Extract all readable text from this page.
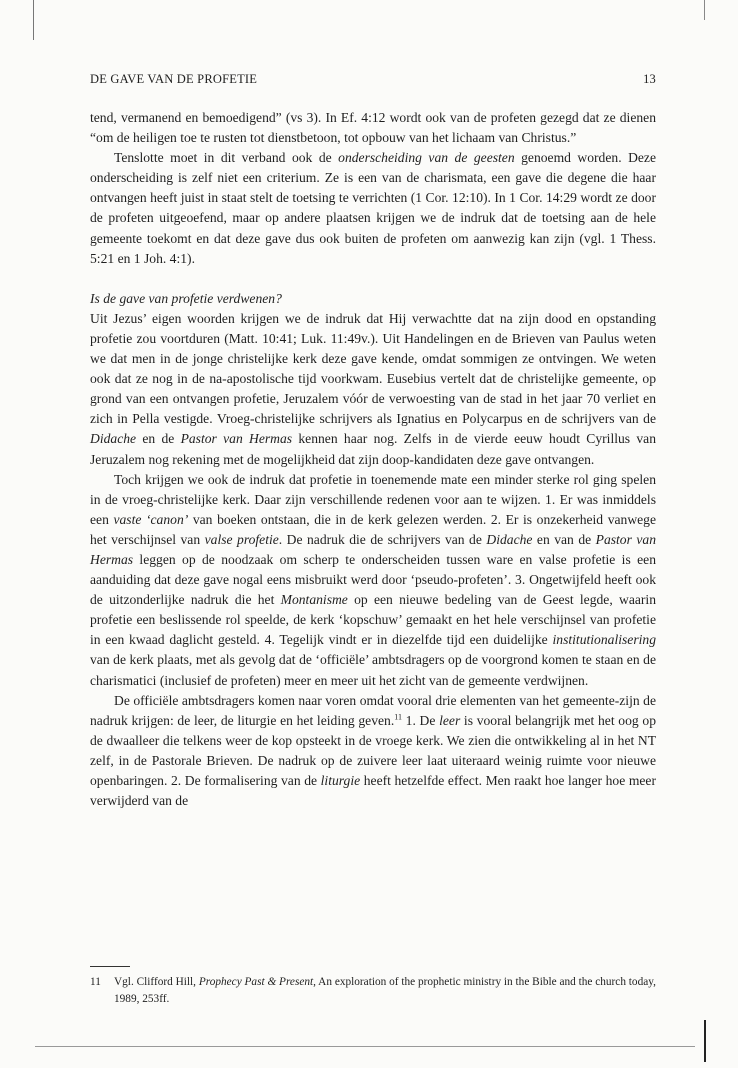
DE GAVE VAN DE PROFETIE	13

tend, vermanend en bemoedigend” (vs 3). In Ef. 4:12 wordt ook van de profeten gezegd dat ze dienen “om de heiligen toe te rusten tot dienstbetoon, tot opbouw van het lichaam van Christus.”

Tenslotte moet in dit verband ook de onderscheiding van de geesten genoemd worden. Deze onderscheiding is zelf niet een criterium. Ze is een van de charismata, een gave die degene die haar ontvangen heeft juist in staat stelt de toetsing te verrichten (1 Cor. 12:10). In 1 Cor. 14:29 wordt ze door de profeten uitgeoefend, maar op andere plaatsen krijgen we de indruk dat de toetsing aan de hele gemeente toekomt en dat deze gave dus ook buiten de profeten om aanwezig kan zijn (vgl. 1 Thess. 5:21 en 1 Joh. 4:1).

Is de gave van profetie verdwenen?

Uit Jezus’ eigen woorden krijgen we de indruk dat Hij verwachtte dat na zijn dood en opstanding profetie zou voortduren (Matt. 10:41; Luk. 11:49v.). Uit Handelingen en de Brieven van Paulus weten we dat men in de jonge christelijke kerk deze gave kende, omdat sommigen ze ontvingen. We weten ook dat ze nog in de na-apostolische tijd voorkwam. Eusebius vertelt dat de christelijke gemeente, op grond van een ontvangen profetie, Jeruzalem vóór de verwoesting van de stad in het jaar 70 verliet en zich in Pella vestigde. Vroeg-christelijke schrijvers als Ignatius en Polycarpus en de schrijvers van de Didache en de Pastor van Hermas kennen haar nog. Zelfs in de vierde eeuw houdt Cyrillus van Jeruzalem nog rekening met de mogelijkheid dat zijn doop-kandidaten deze gave ontvangen.

Toch krijgen we ook de indruk dat profetie in toenemende mate een minder sterke rol ging spelen in de vroeg-christelijke kerk. Daar zijn verschillende redenen voor aan te wijzen. 1. Er was inmiddels een vaste ‘canon’ van boeken ontstaan, die in de kerk gelezen werden. 2. Er is onzekerheid vanwege het verschijnsel van valse profetie. De nadruk die de schrijvers van de Didache en van de Pastor van Hermas leggen op de noodzaak om scherp te onderscheiden tussen ware en valse profetie is een aanduiding dat deze gave nogal eens misbruikt werd door ‘pseudo-profeten’. 3. Ongetwijfeld heeft ook de uitzonderlijke nadruk die het Montanisme op een nieuwe bedeling van de Geest legde, waarin profetie een beslissende rol speelde, de kerk ‘kopschuw’ gemaakt en het hele verschijnsel van profetie in een kwaad daglicht gesteld. 4. Tegelijk vindt er in diezelfde tijd een duidelijke institutionalisering van de kerk plaats, met als gevolg dat de ‘officiële’ ambtsdragers op de voorgrond komen te staan en de charismatici (inclusief de profeten) meer en meer uit het zicht van de gemeente verdwijnen.

De officiële ambtsdragers komen naar voren omdat vooral drie elementen van het gemeente-zijn de nadruk krijgen: de leer, de liturgie en het leiding geven.$^{11}$ 1. De leer is vooral belangrijk met het oog op de dwaalleer die telkens weer de kop opsteekt in de vroege kerk. We zien die ontwikkeling al in het NT zelf, in de Pastorale Brieven. De nadruk op de zuivere leer laat uiteraard weinig ruimte voor nieuwe openbaringen. 2. De formalisering van de liturgie heeft hetzelfde effect. Men raakt hoe langer hoe meer verwijderd van de

11 Vgl. Clifford Hill, Prophecy Past & Present, An exploration of the prophetic ministry in the Bible and the church today, 1989, 253ff.
